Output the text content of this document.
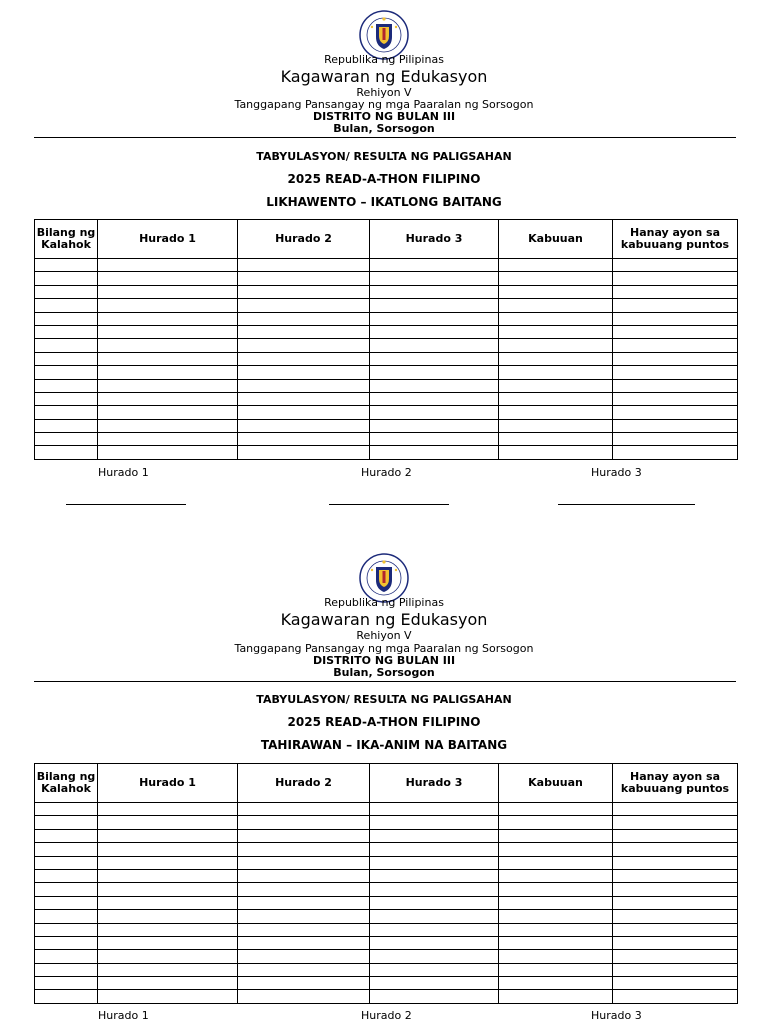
Republika ng Pilipinas
Kagawaran ng Edukasyon
Rehiyon V
Tanggapang Pansangay ng mga Paaralan ng Sorsogon
DISTRITO NG BULAN III
Bulan, Sorsogon
TABYULASYON/ RESULTA NG PALIGSAHAN
2025 READ-A-THON FILIPINO
LIKHAWENTO – IKATLONG BAITANG
Bilang ng Kalahok	Hurado 1	Hurado 2	Hurado 3	Kabuuan	Hanay ayon sa kabuuang puntos

Hurado 1	Hurado 2	Hurado 3
Republika ng Pilipinas
Kagawaran ng Edukasyon
Rehiyon V
Tanggapang Pansangay ng mga Paaralan ng Sorsogon
DISTRITO NG BULAN III
Bulan, Sorsogon
TABYULASYON/ RESULTA NG PALIGSAHAN
2025 READ-A-THON FILIPINO
TAHIRAWAN – IKA-ANIM NA BAITANG
Bilang ng Kalahok	Hurado 1	Hurado 2	Hurado 3	Kabuuan	Hanay ayon sa kabuuang puntos

Hurado 1	Hurado 2	Hurado 3
